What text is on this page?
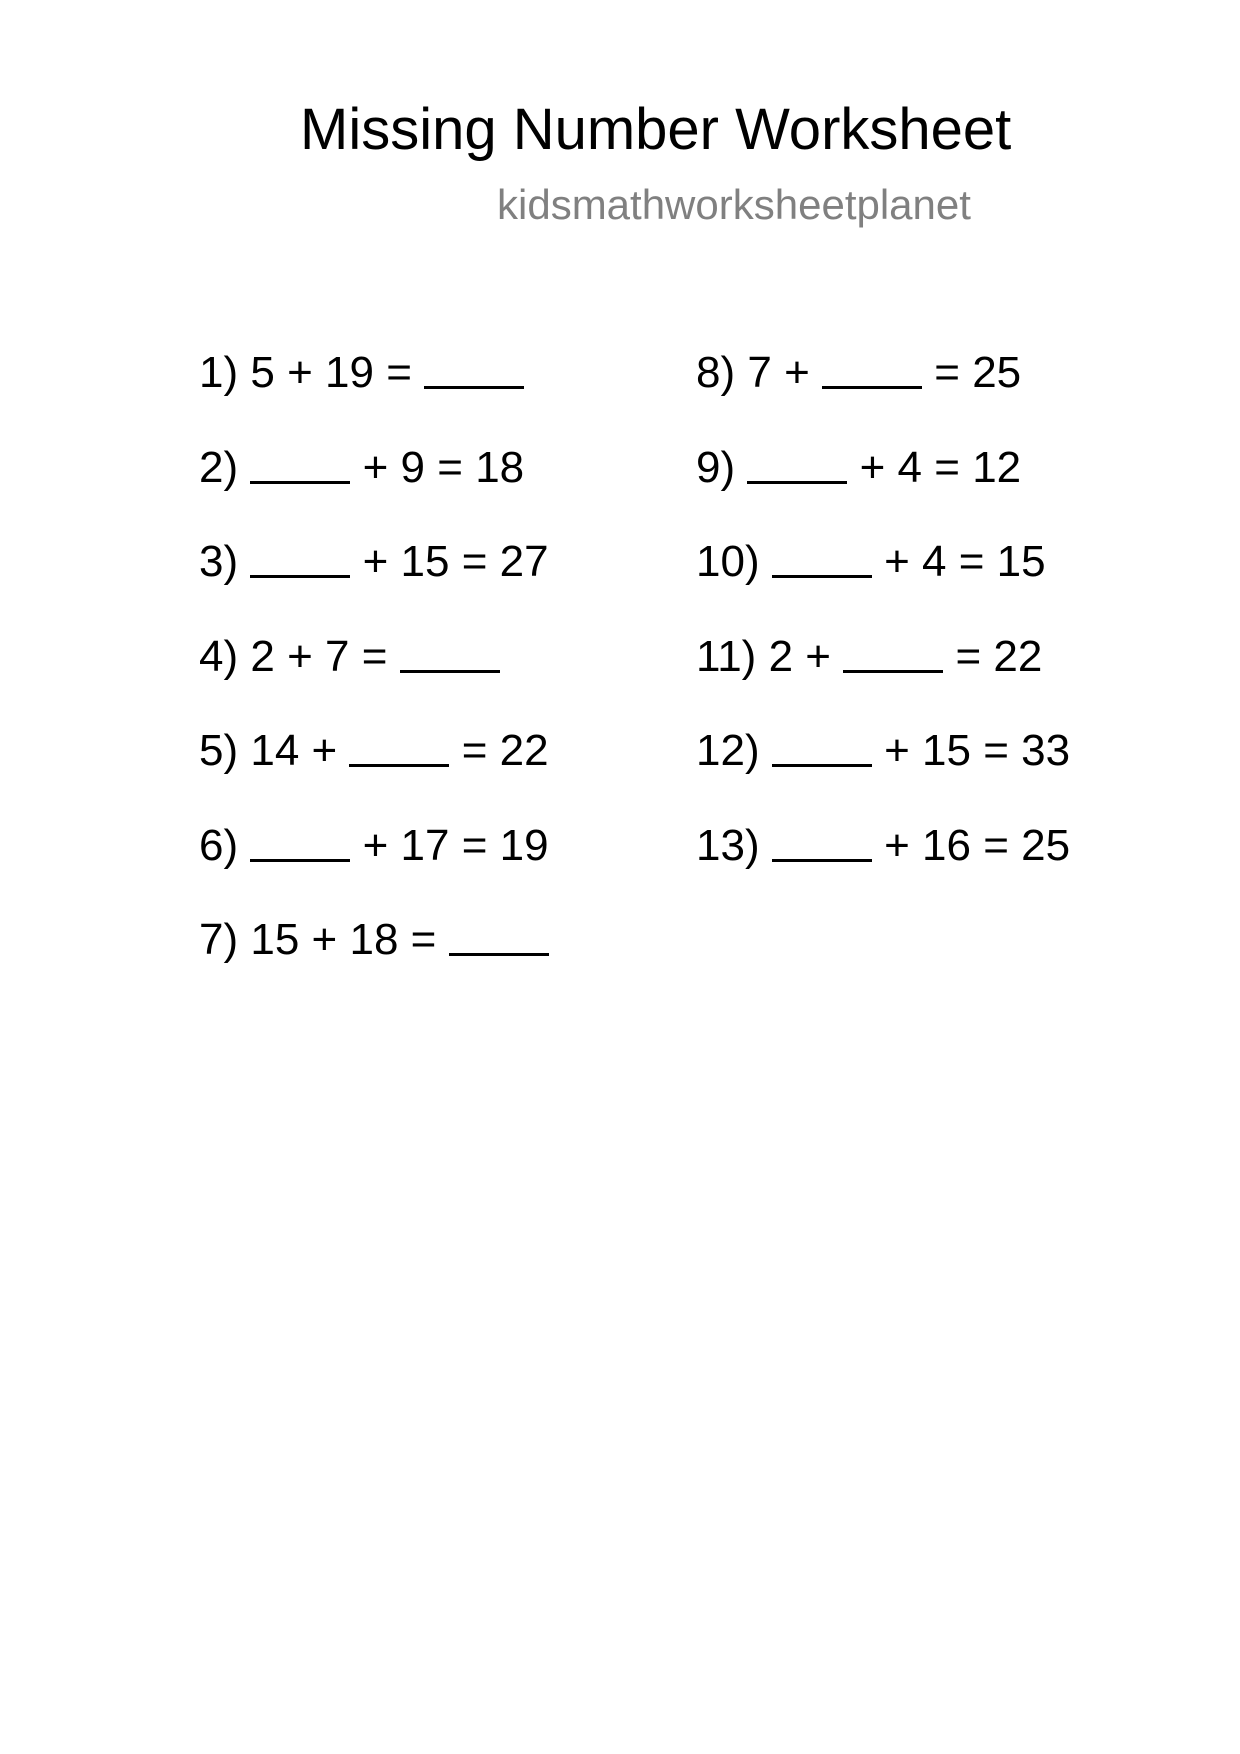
Missing Number Worksheet
kidsmathworksheetplanet
1) 5 + 19 =
2)	+ 9 = 18
3)	+ 15 = 27
4) 2 + 7 =
5) 14 +	= 22
6)	+ 17 = 19
7) 15 + 18 =
8) 7 +	= 25
9)	+ 4 = 12
10)	+ 4 = 15
11) 2 +	= 22
12)	+ 15 = 33
13)	+ 16 = 25
